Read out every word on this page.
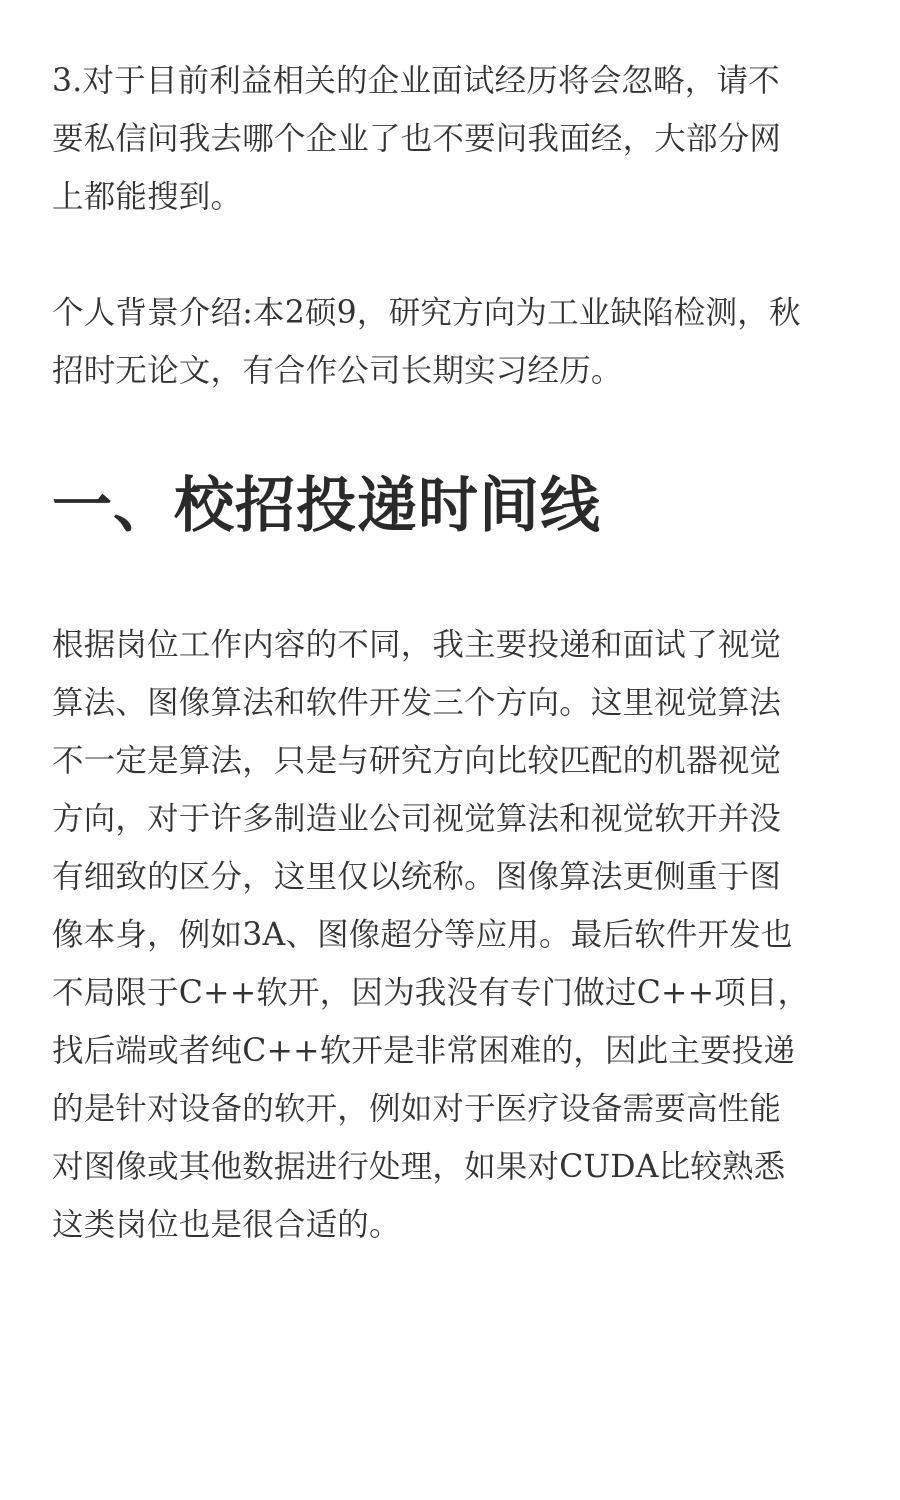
3.对于目前利益相关的企业面试经历将会忽略，请不
要私信问我去哪个企业了也不要问我面经，大部分网
上都能搜到。

个人背景介绍:本2硕9，研究方向为工业缺陷检测，秋
招时无论文，有合作公司长期实习经历。

一、校招投递时间线

根据岗位工作内容的不同，我主要投递和面试了视觉
算法、图像算法和软件开发三个方向。这里视觉算法
不一定是算法，只是与研究方向比较匹配的机器视觉
方向，对于许多制造业公司视觉算法和视觉软开并没
有细致的区分，这里仅以统称。图像算法更侧重于图
像本身，例如3A、图像超分等应用。最后软件开发也
不局限于C++软开，因为我没有专门做过C++项目，
找后端或者纯C++软开是非常困难的，因此主要投递
的是针对设备的软开，例如对于医疗设备需要高性能
对图像或其他数据进行处理，如果对CUDA比较熟悉
这类岗位也是很合适的。
